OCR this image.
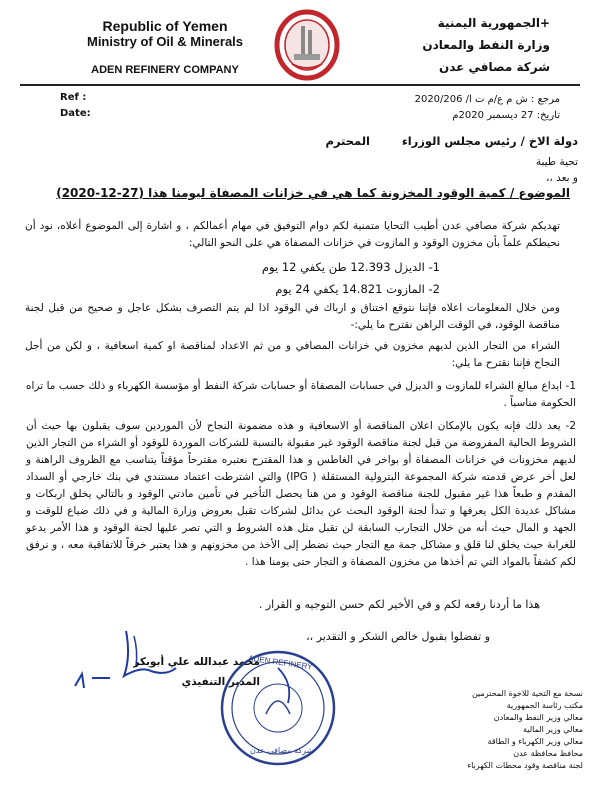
Republic of Yemen
Ministry of Oil & Minerals
ADEN REFINERY COMPANY
+الجمهورية اليمنية
وزارة النفط والمعادن
شركة مصافي عدن
Ref :
Date:
مرجع : ش م ع/م ت ا/ 2020/206
تاريخ: 27 ديسمبر 2020م
دولة الاخ / رئيس مجلس الوزراء
المحترم
تحية طيبة
و بعد ،،
الموضوع / كمية الوقود المخزونة كما هي في خزانات المصفاة ليومنا هذا (27-12-2020)
تهديكم شركة مصافي عدن أطيب التحايا متمنية لكم دوام التوفيق في مهام أعمالكم ، و اشارة إلى الموضوع أعلاه، نود أن نحيطكم علماً بأن مخزون الوقود و المازوت في خزانات المصفاة هي على النحو التالي:
1- الديزل 12.393 طن يكفي 12 يوم
2- المازوت 14.821 يكفي 24 يوم
ومن خلال المعلومات اعلاه فإننا نتوقع اختناق و ارباك في الوقود اذا لم يتم التصرف بشكل عاجل و صحيح من قبل لجنة مناقصة الوقود، في الوقت الراهن نقترح ما يلي:-
الشراء من التجار الذين لديهم مخزون في خزانات المصافي و من ثم الاعداد لمناقصة او كمية اسعافية ، و لكن من أجل النجاح فإننا نقترح ما يلي:
1- ايداع مبالغ الشراء للمازوت و الديزل في حسابات المصفاة أو حسابات شركة النفط أو مؤسسة الكهرباء و ذلك حسب ما تراه الحكومة مناسباً .
2- يعد ذلك فإنه يكون بالإمكان اعلان المناقصة أو الاسعافية و هذه مضمونة النجاح لأن الموردين سوف يقبلون بها حيث أن الشروط الحالية المفروضة من قبل لجنة مناقصة الوقود غير مقبولة بالنسبة للشركات الموردة للوقود أو الشراء من التجار الذين لديهم مخزونات في خزانات المصفاة أو بواخر في الغاطس و هذا المقترح نعتبره مقترحاً مؤقتاً يتناسب مع الظروف الراهنة و لعل أخر عرض قدمته شركة المجموعة البترولية المستقلة ( IPG) والتي اشترطت اعتماد مستندي في بنك خارجي أو السداد المقدم و طبعاً هذا غير مقبول للجنة مناقصة الوقود و من هنا يحصل التأخير في تأمين مادتي الوقود و بالتالي يخلق اربكات و مشاكل عديدة الكل يعرفها و تبدأ لجنة الوقود البحث عن بدائل لشركات تقبل بعروض وزارة المالية و في ذلك ضياع للوقت و الجهد و المال حيث أنه من خلال التجارب السابقة لن تقبل مثل هذه الشروط و التي تصر عليها لجنة الوقود و هذا الأمر يدعو للغرابة حيث يخلق لنا قلق و مشاكل جمة مع التجار حيث نضطر إلى الأخذ من مخزونهم و هذا يعتبر خرقاً للاتفاقية معه ، و نرفق لكم كشفاً بالمواد التي تم أخذها من مخزون المصفاة و التجار حتى يومنا هذا .
هذا ما أردنا رفعه لكم و في الأخير لكم حسن التوجيه و القرار .
و تفضلوا بقبول خالص الشكر و التقدير ،،
محمد عبدالله علي أبوبكر
المدير التنفيذي
ADEN REFINERY
شركة مصافي عدن
نسخة مع التحية للاخوة المحترمين
مكتب رئاسة الجمهورية
معالي وزير النفط والمعادن
معالي وزير المالية
معالي وزير الكهرباء و الطاقة
محافظ محافظة عدن
لجنة مناقصة وقود محطات الكهرباء
